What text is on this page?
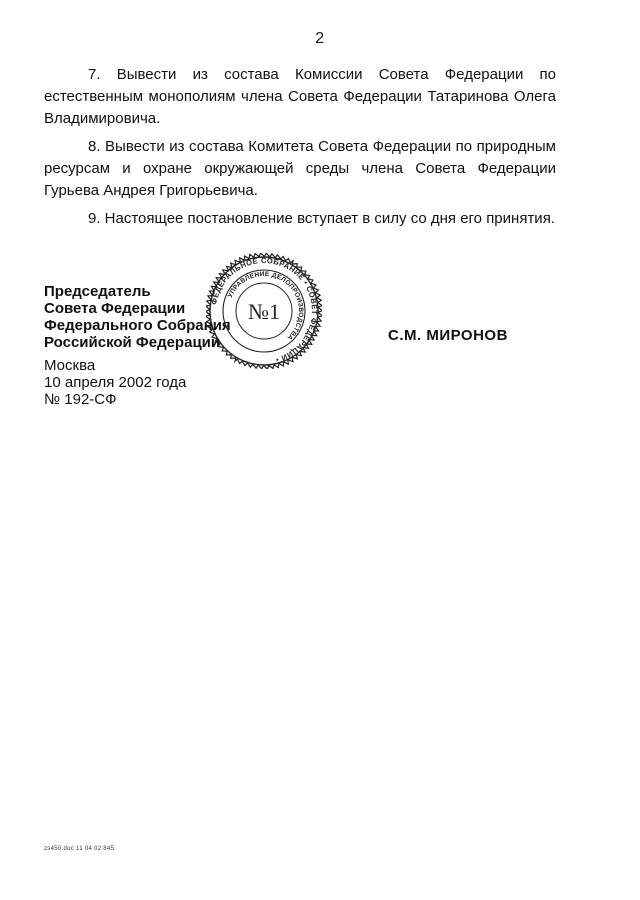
2

7. Вывести из состава Комиссии Совета Федерации по естественным монополиям члена Совета Федерации Татаринова Олега Владимировича.

8. Вывести из состава Комитета Совета Федерации по природным ресурсам и охране окружающей среды члена Совета Федерации Гурьева Андрея Григорьевича.

9. Настоящее постановление вступает в силу со дня его принятия.

Председатель
Совета Федерации
Федерального Собрания
Российской Федерации	С.М. МИРОНОВ
Москва
10 апреля 2002 года
№ 192-СФ
ФЕДЕРАЛЬНОЕ СОБРАНИЕ • СОВЕТ ФЕДЕРАЦИИ •
УПРАВЛЕНИЕ ДЕЛОПРОИЗВОДСТВА
№1
zs450.doc 11 04 02 845
